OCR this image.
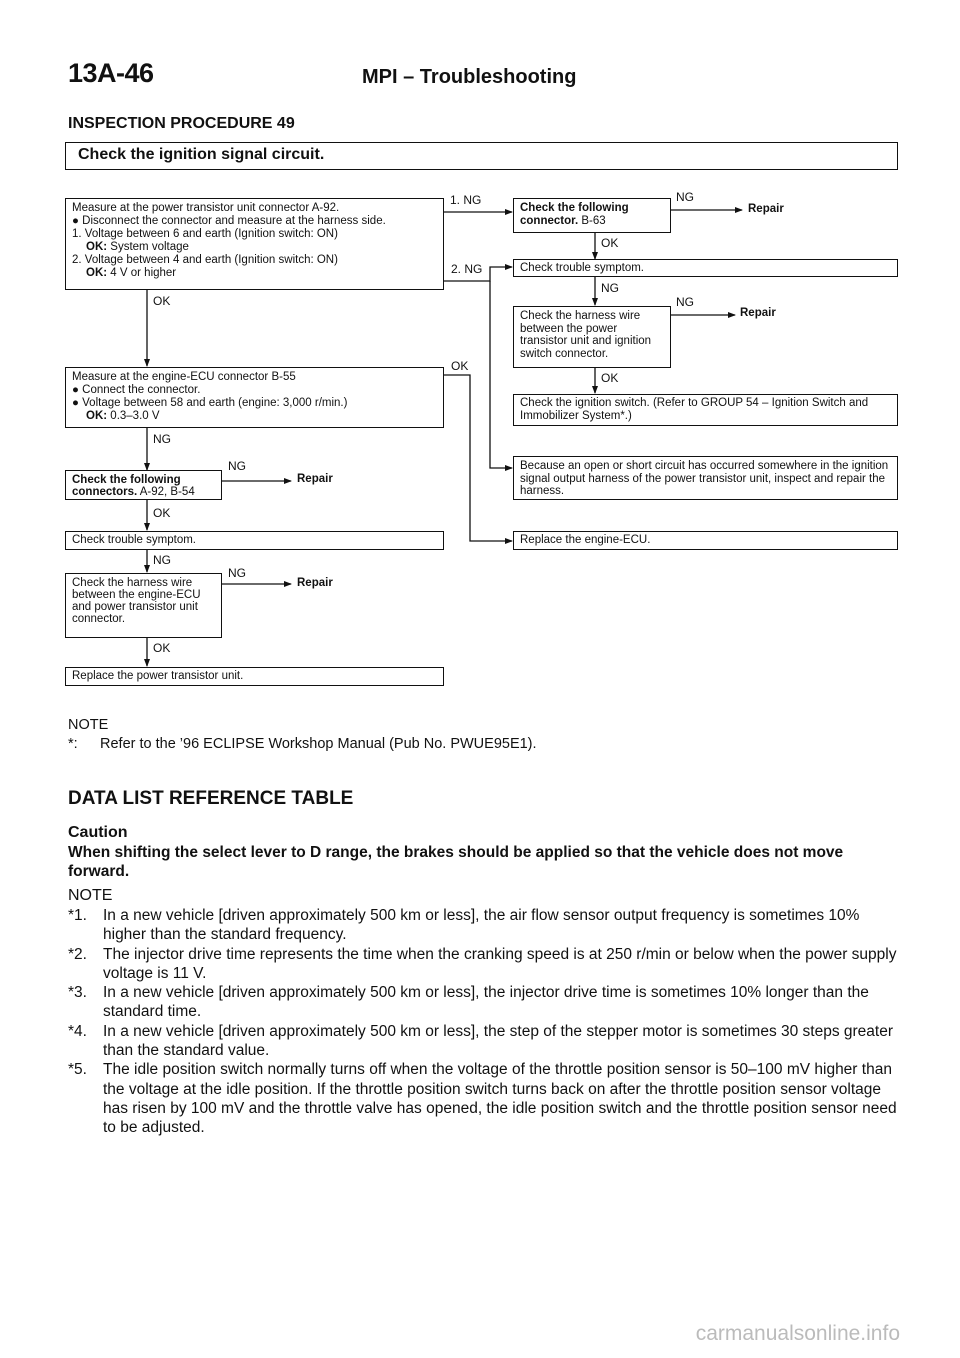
13A-46	MPI – Troubleshooting
INSPECTION PROCEDURE 49
Check the ignition signal circuit.
Measure at the power transistor unit connector A-92.
● Disconnect the connector and measure at the harness side.
1. Voltage between 6 and earth (Ignition switch: ON)
OK: System voltage
2. Voltage between 4 and earth (Ignition switch: ON)
OK: 4 V or higher
Measure at the engine-ECU connector B-55
● Connect the connector.
● Voltage between 58 and earth (engine: 3,000 r/min.)
OK: 0.3–3.0 V
Check the following connectors. A-92, B-54
Check trouble symptom.
Check the harness wire between the engine-ECU and power transistor unit connector.
Replace the power transistor unit.
Check the following connector. B-63
Check trouble symptom.
Check the harness wire between the power transistor unit and ignition switch connector.
Check the ignition switch. (Refer to GROUP 54 – Ignition Switch and Immobilizer System*.)
Because an open or short circuit has occurred somewhere in the ignition signal output harness of the power transistor unit, inspect and repair the harness.
Replace the engine-ECU.
1. NG
2. NG
OK
OK
NG
NG
Repair
OK
NG
NG
Repair
OK
NG
Repair
OK
NG
NG
Repair
OK
NOTE
*: Refer to the ’96 ECLIPSE Workshop Manual (Pub No. PWUE95E1).
DATA LIST REFERENCE TABLE
Caution
When shifting the select lever to D range, the brakes should be applied so that the vehicle does not move forward.
NOTE
*1. In a new vehicle [driven approximately 500 km or less], the air flow sensor output frequency is sometimes 10% higher than the standard frequency.
*2. The injector drive time represents the time when the cranking speed is at 250 r/min or below when the power supply voltage is 11 V.
*3. In a new vehicle [driven approximately 500 km or less], the injector drive time is sometimes 10% longer than the standard time.
*4. In a new vehicle [driven approximately 500 km or less], the step of the stepper motor is sometimes 30 steps greater than the standard value.
*5. The idle position switch normally turns off when the voltage of the throttle position sensor is 50–100 mV higher than the voltage at the idle position. If the throttle position switch turns back on after the throttle position sensor voltage has risen by 100 mV and the throttle valve has opened, the idle position switch and the throttle position sensor need to be adjusted.
carmanualsonline.info
